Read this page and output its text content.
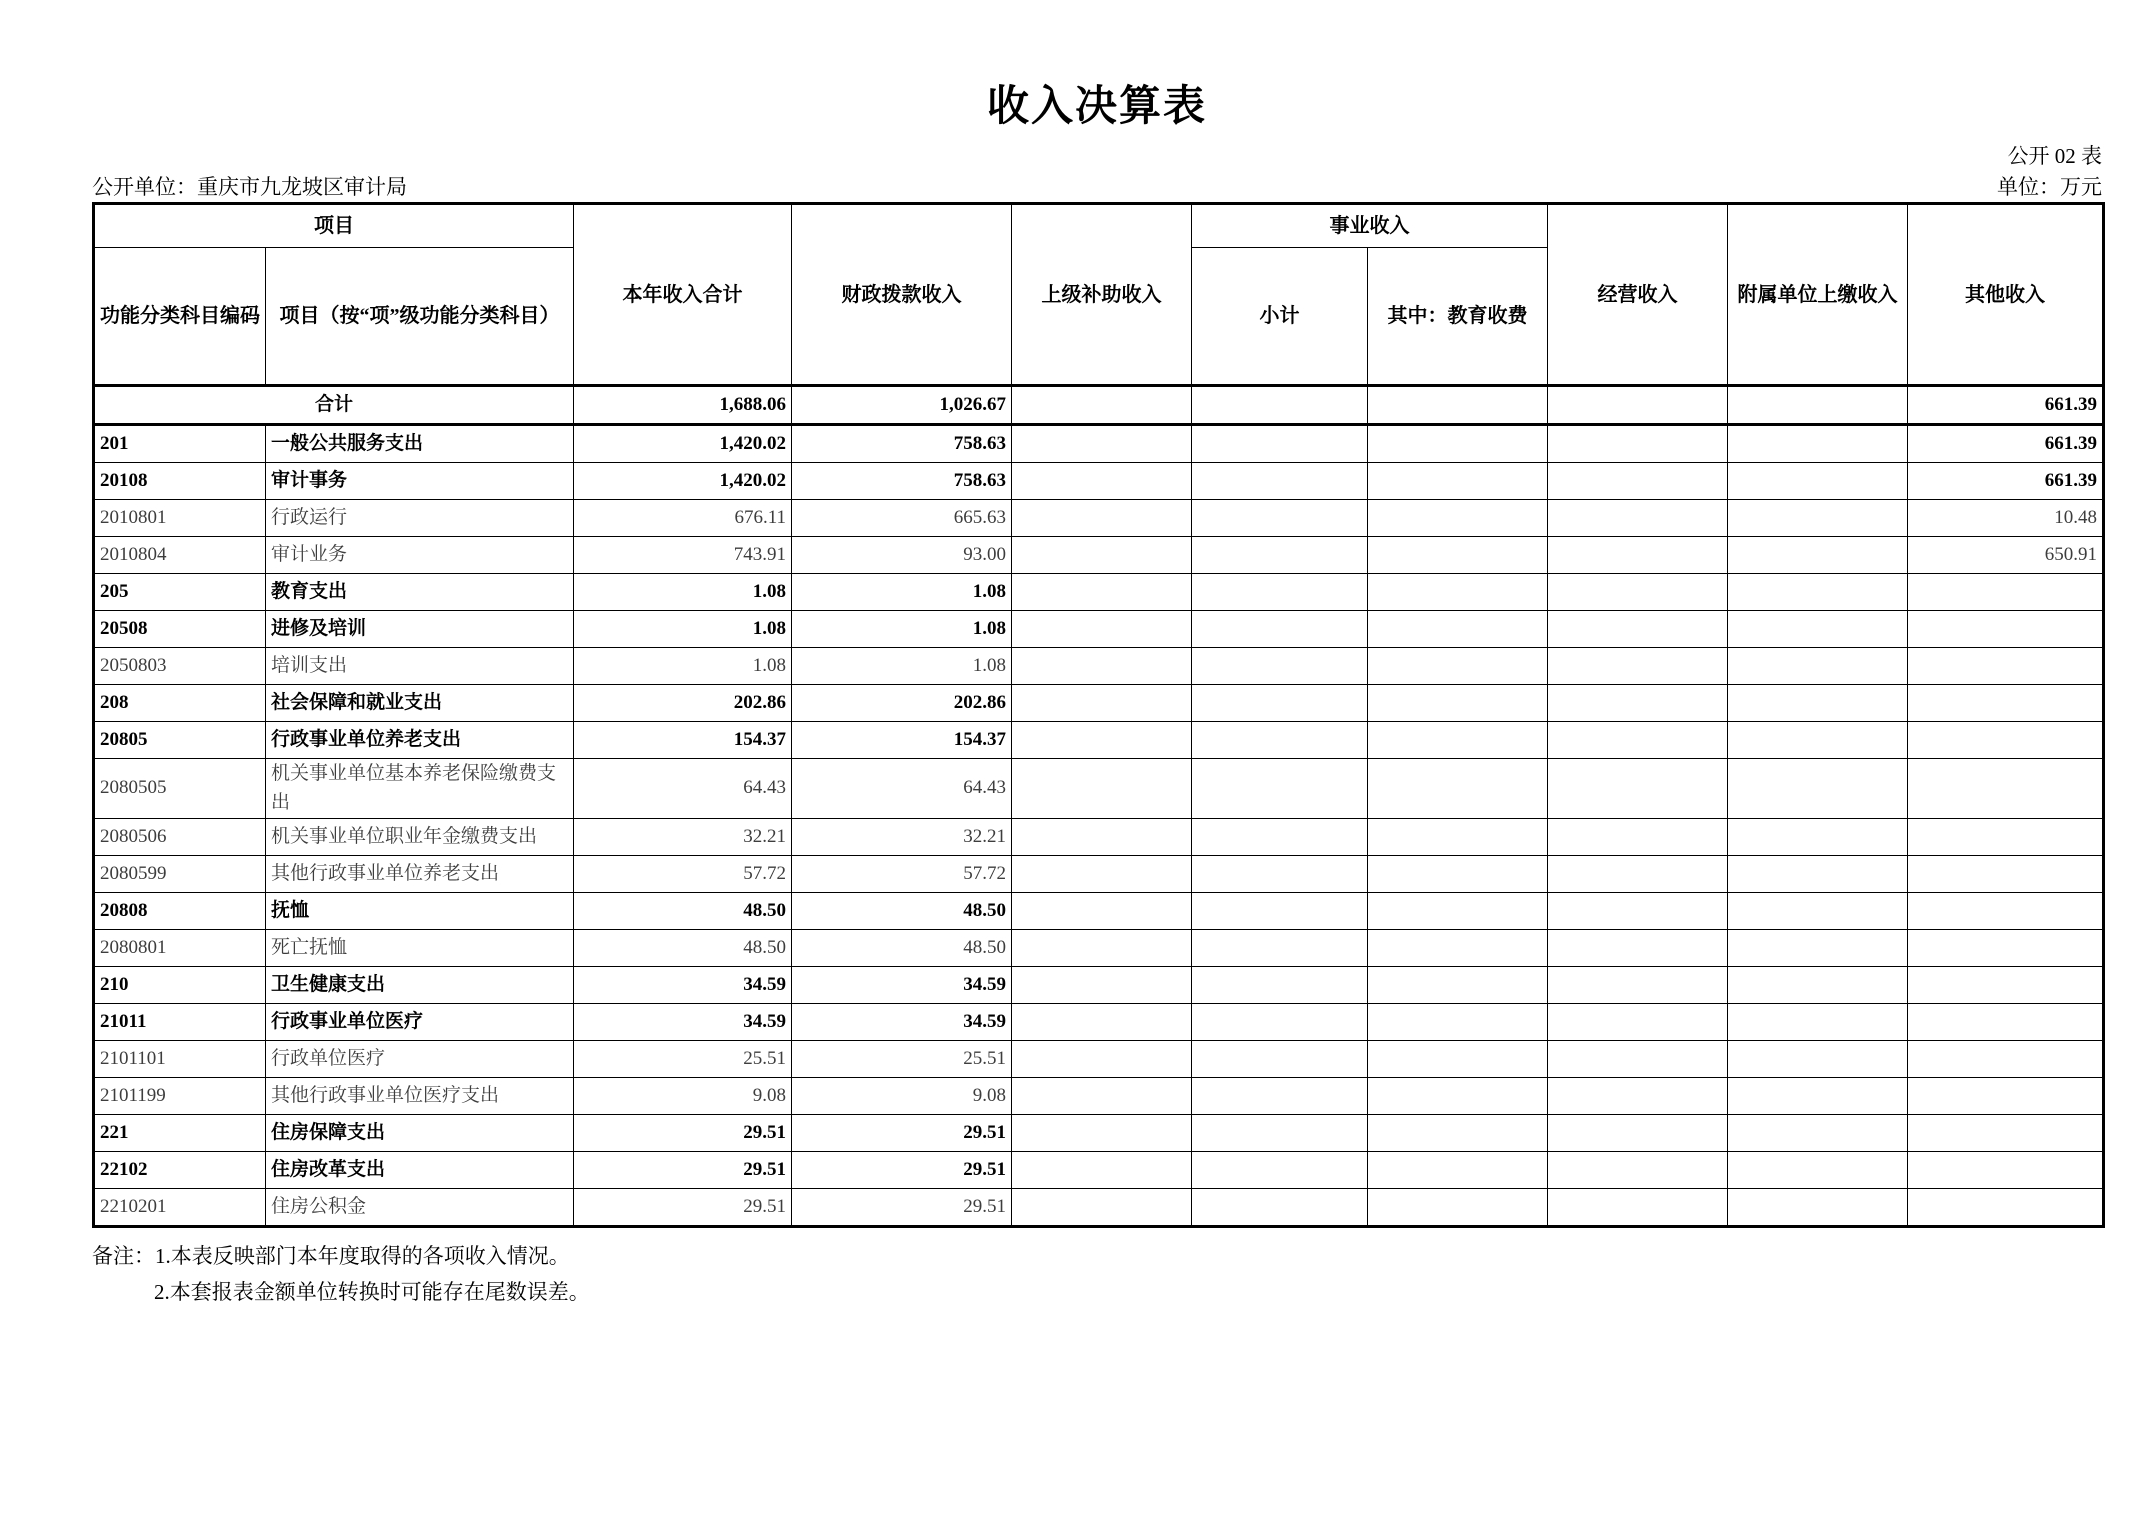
收入决算表
公开 02 表
公开单位：重庆市九龙坡区审计局	单位：万元
项目		本年收入合计	财政拨款收入	上级补助收入	事业收入		经营收入	附属单位上缴收入	其他收入
功能分类科目编码	项目（按“项”级功能分类科目）				小计	其中：教育收费			
合计		1,688.06	1,026.67						661.39
201	一般公共服务支出	1,420.02	758.63						661.39
20108	审计事务	1,420.02	758.63						661.39
2010801	行政运行	676.11	665.63						10.48
2010804	审计业务	743.91	93.00						650.91
205	教育支出	1.08	1.08						
20508	进修及培训	1.08	1.08						
2050803	培训支出	1.08	1.08						
208	社会保障和就业支出	202.86	202.86						
20805	行政事业单位养老支出	154.37	154.37						
2080505	机关事业单位基本养老保险缴费支出	64.43	64.43						
2080506	机关事业单位职业年金缴费支出	32.21	32.21						
2080599	其他行政事业单位养老支出	57.72	57.72						
20808	抚恤	48.50	48.50						
2080801	死亡抚恤	48.50	48.50						
210	卫生健康支出	34.59	34.59						
21011	行政事业单位医疗	34.59	34.59						
2101101	行政单位医疗	25.51	25.51						
2101199	其他行政事业单位医疗支出	9.08	9.08						
221	住房保障支出	29.51	29.51						
22102	住房改革支出	29.51	29.51						
2210201	住房公积金	29.51	29.51						
备注：1.本表反映部门本年度取得的各项收入情况。
2.本套报表金额单位转换时可能存在尾数误差。
